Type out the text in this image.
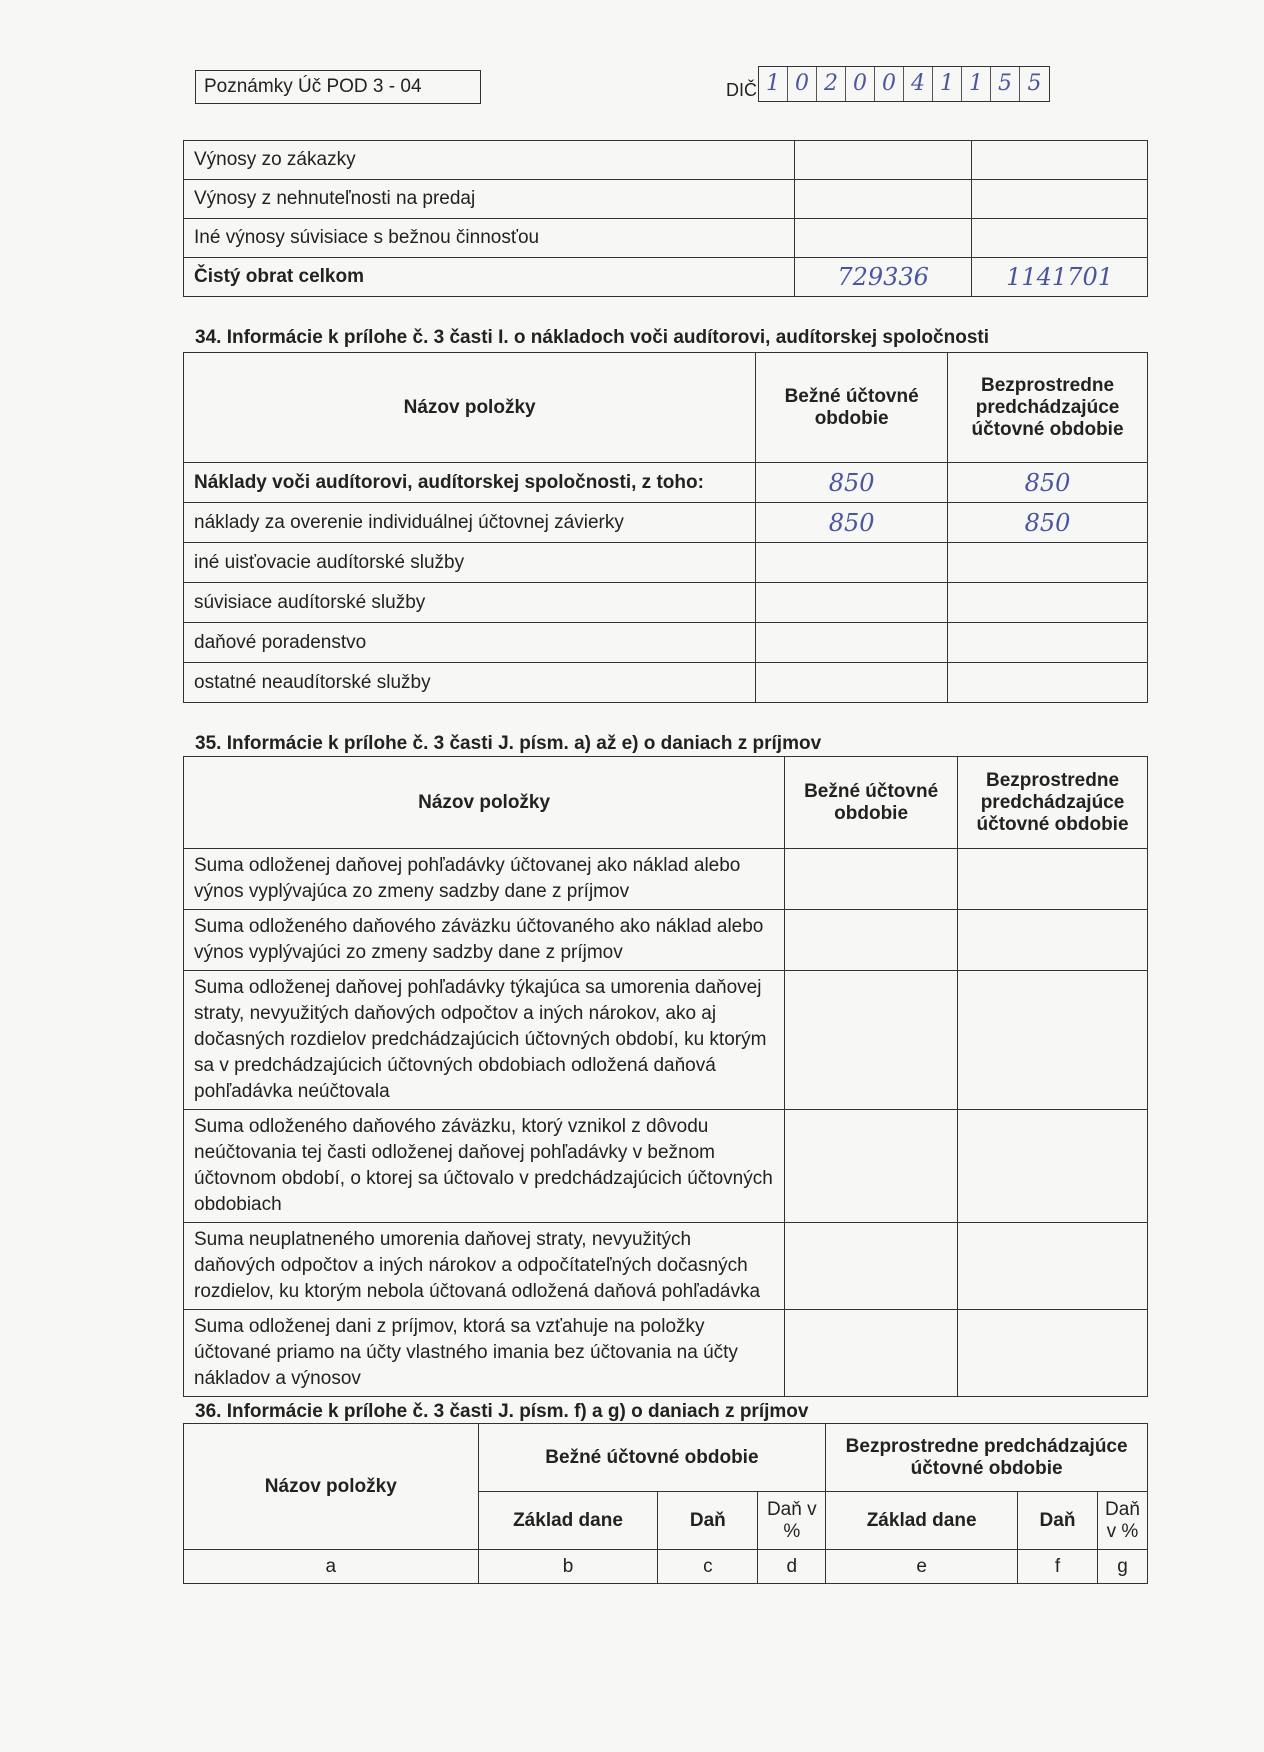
Poznámky Úč POD 3 - 04	DIČ 1 0 2 0 0 4 1 1 5 5
Výnosy zo zákazky		
Výnosy z nehnuteľnosti na predaj		
Iné výnosy súvisiace s bežnou činnosťou		
Čistý obrat celkom	729336	1141701
34. Informácie k prílohe č. 3 časti I. o nákladoch voči audítorovi, audítorskej spoločnosti
Názov položky	Bežné účtovné obdobie	Bezprostredne predchádzajúce účtovné obdobie
Náklady voči audítorovi, audítorskej spoločnosti, z toho:	850	850
náklady za overenie individuálnej účtovnej závierky	850	850
iné uisťovacie audítorské služby		
súvisiace audítorské služby		
daňové poradenstvo		
ostatné neaudítorské služby		
35. Informácie k prílohe č. 3 časti J. písm. a) až e) o daniach z príjmov
Názov položky	Bežné účtovné obdobie	Bezprostredne predchádzajúce účtovné obdobie
Suma odloženej daňovej pohľadávky účtovanej ako náklad alebo výnos vyplývajúca zo zmeny sadzby dane z príjmov		
Suma odloženého daňového záväzku účtovaného ako náklad alebo výnos vyplývajúci zo zmeny sadzby dane z príjmov		
Suma odloženej daňovej pohľadávky týkajúca sa umorenia daňovej straty, nevyužitých daňových odpočtov a iných nárokov, ako aj dočasných rozdielov predchádzajúcich účtovných období, ku ktorým sa v predchádzajúcich účtovných obdobiach odložená daňová pohľadávka neúčtovala		
Suma odloženého daňového záväzku, ktorý vznikol z dôvodu neúčtovania tej časti odloženej daňovej pohľadávky v bežnom účtovnom období, o ktorej sa účtovalo v predchádzajúcich účtovných obdobiach		
Suma neuplatneného umorenia daňovej straty, nevyužitých daňových odpočtov a iných nárokov a odpočítateľných dočasných rozdielov, ku ktorým nebola účtovaná odložená daňová pohľadávka		
Suma odloženej dani z príjmov, ktorá sa vzťahuje na položky účtované priamo na účty vlastného imania bez účtovania na účty nákladov a výnosov		
36. Informácie k prílohe č. 3 časti J. písm. f) a g) o daniach z príjmov
Názov položky	Bežné účtovné obdobie			Bezprostredne predchádzajúce účtovné obdobie		
	Základ dane	Daň	Daň v %	Základ dane	Daň	Daň v %
a	b	c	d	e	f	g
